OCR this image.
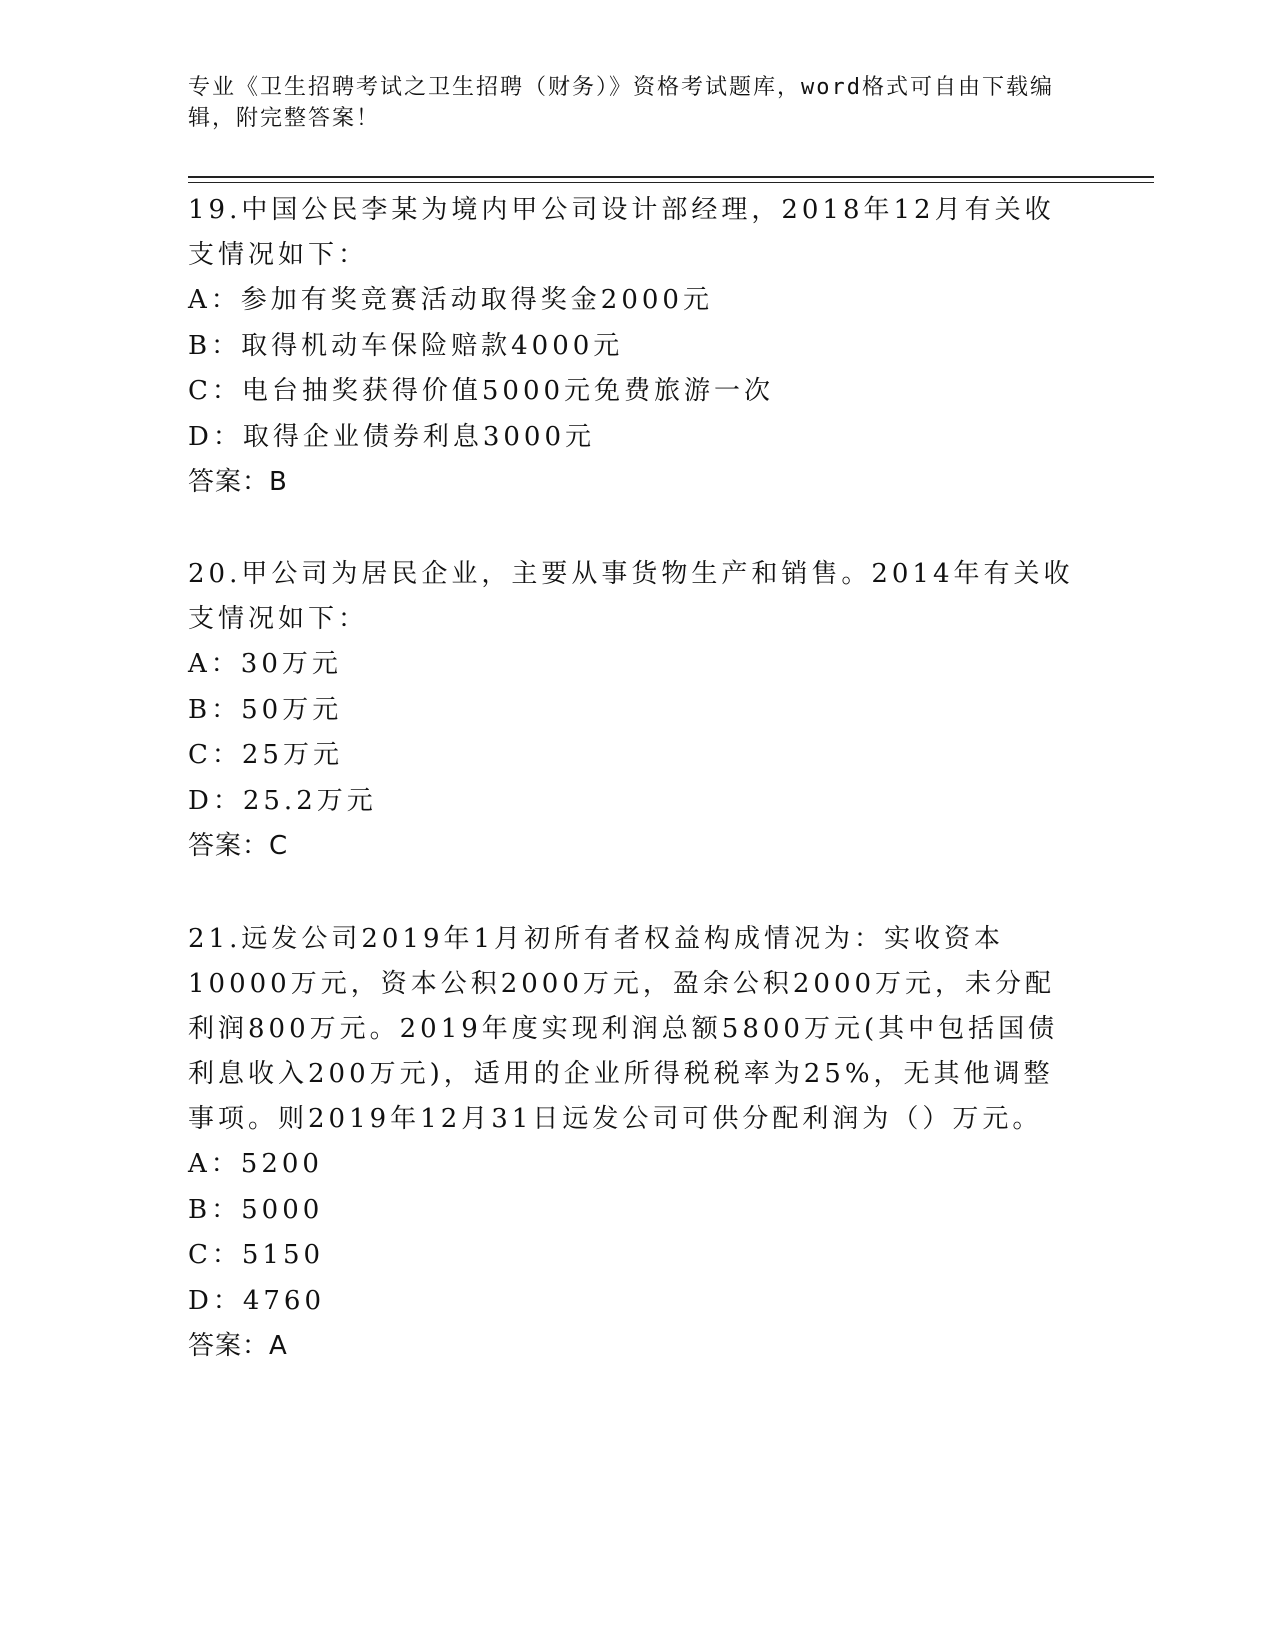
专业《卫生招聘考试之卫生招聘（财务）》资格考试题库，word格式可自由下载编辑，附完整答案！

19.中国公民李某为境内甲公司设计部经理，2018年12月有关收支情况如下：

A：参加有奖竞赛活动取得奖金2000元

B：取得机动车保险赔款4000元

C：电台抽奖获得价值5000元免费旅游一次

D：取得企业债券利息3000元

答案：B

20.甲公司为居民企业，主要从事货物生产和销售。2014年有关收支情况如下：

A：30万元

B：50万元

C：25万元

D：25.2万元

答案：C

21.远发公司2019年1月初所有者权益构成情况为：实收资本10000万元，资本公积2000万元，盈余公积2000万元，未分配利润800万元。2019年度实现利润总额5800万元(其中包括国债利息收入200万元)，适用的企业所得税税率为25%，无其他调整事项。则2019年12月31日远发公司可供分配利润为（）万元。

A：5200

B：5000

C：5150

D：4760

答案：A
